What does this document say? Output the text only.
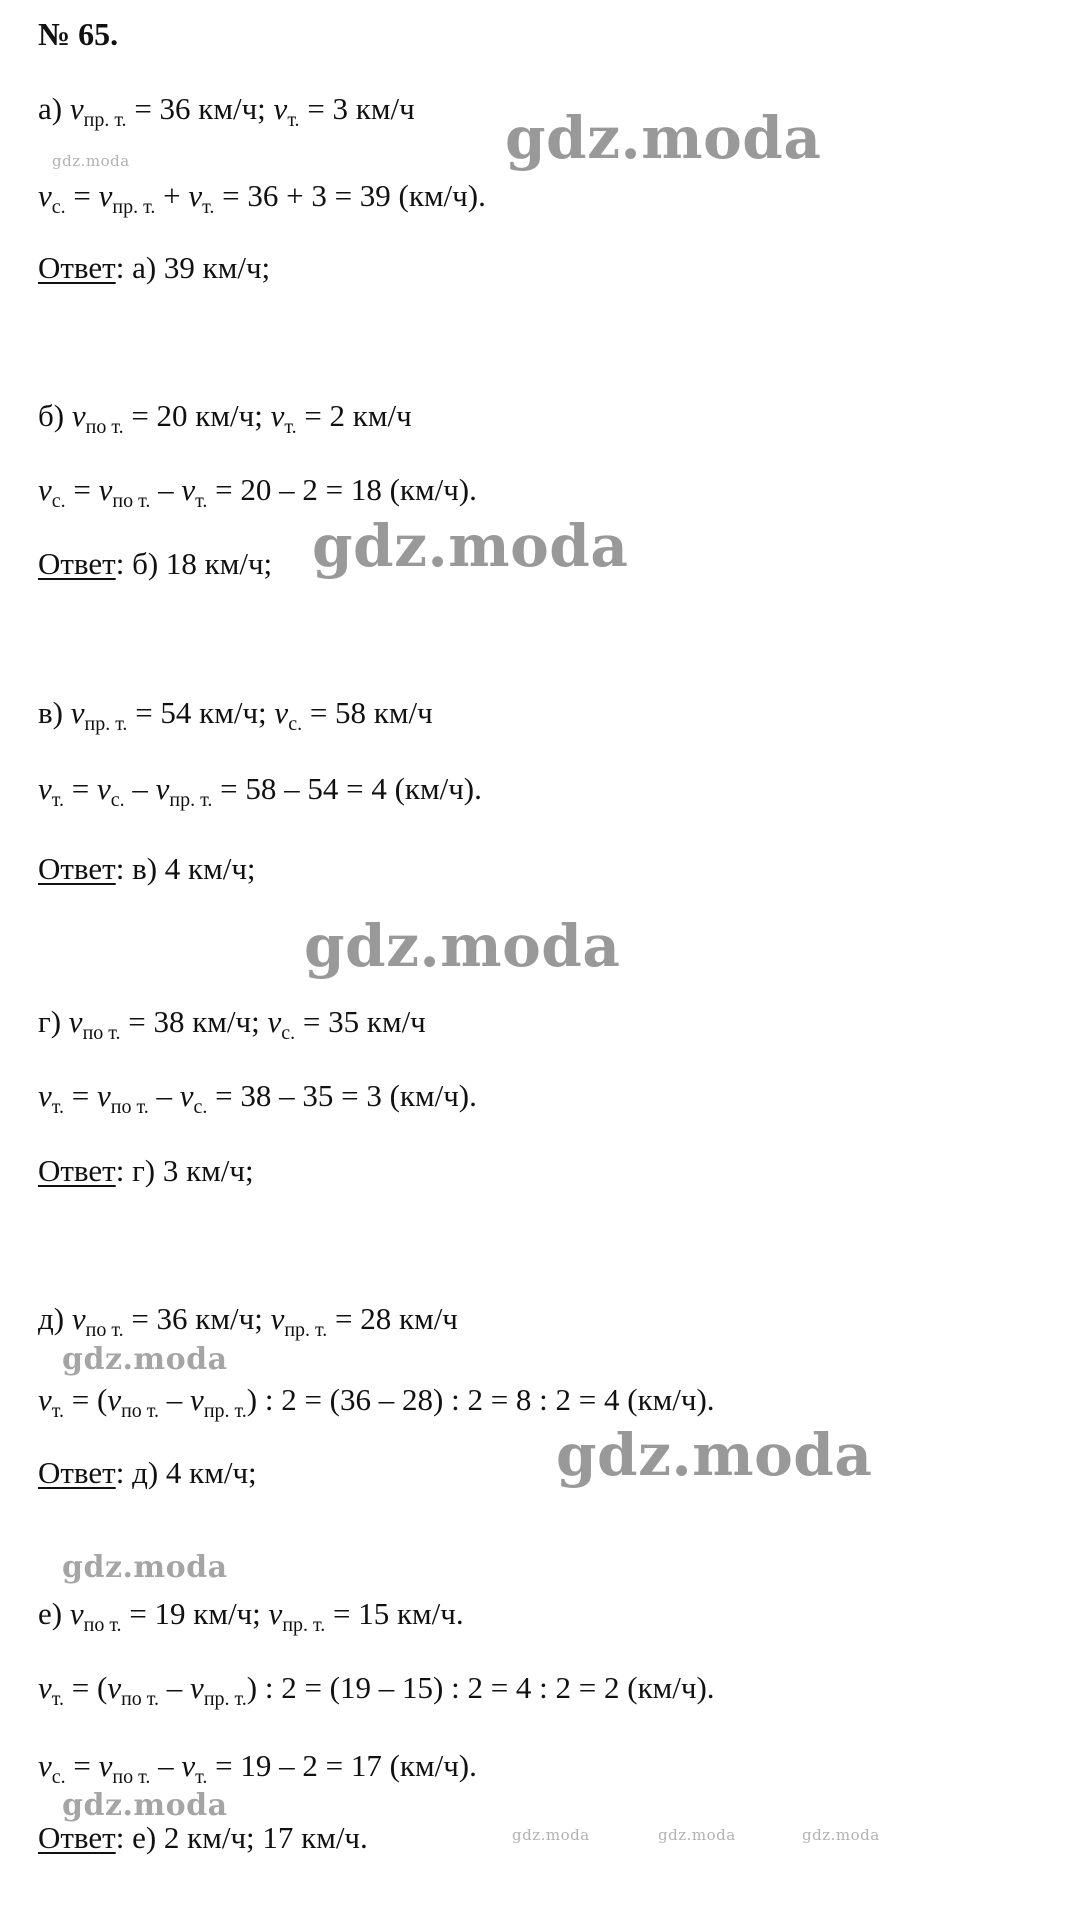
№ 65.
а) $v_{пр. т.} = 36$ км/ч; $v_{т.} = 3$ км/ч
$v_{с.} = v_{пр. т.} + v_{т.} = 36 + 3 = 39$ (км/ч).
Ответ: а) 39 км/ч;
б) $v_{по т.} = 20$ км/ч; $v_{т.} = 2$ км/ч
$v_{с.} = v_{по т.} - v_{т.} = 20 - 2 = 18$ (км/ч).
Ответ: б) 18 км/ч;
в) $v_{пр. т.} = 54$ км/ч; $v_{с.} = 58$ км/ч
$v_{т.} = v_{с.} - v_{пр. т.} = 58 - 54 = 4$ (км/ч).
Ответ: в) 4 км/ч;
г) $v_{по т.} = 38$ км/ч; $v_{с.} = 35$ км/ч
$v_{т.} = v_{по т.} - v_{с.} = 38 - 35 = 3$ (км/ч).
Ответ: г) 3 км/ч;
д) $v_{по т.} = 36$ км/ч; $v_{пр. т.} = 28$ км/ч
$v_{т.} = (v_{по т.} - v_{пр. т.})$ : 2 = (36 – 28) : 2 = 8 : 2 = 4 (км/ч).
Ответ: д) 4 км/ч;
е) $v_{по т.} = 19$ км/ч; $v_{пр. т.} = 15$ км/ч.
$v_{т.} = (v_{по т.} - v_{пр. т.})$ : 2 = (19 – 15) : 2 = 4 : 2 = 2 (км/ч).
$v_{с.} = v_{по т.} - v_{т.} = 19 - 2 = 17$ (км/ч).
Ответ: е) 2 км/ч; 17 км/ч.
gdz.moda
gdz.moda
gdz.moda
gdz.moda
gdz.moda
gdz.moda
gdz.moda
gdz.moda
gdz.moda	gdz.moda	gdz.moda
